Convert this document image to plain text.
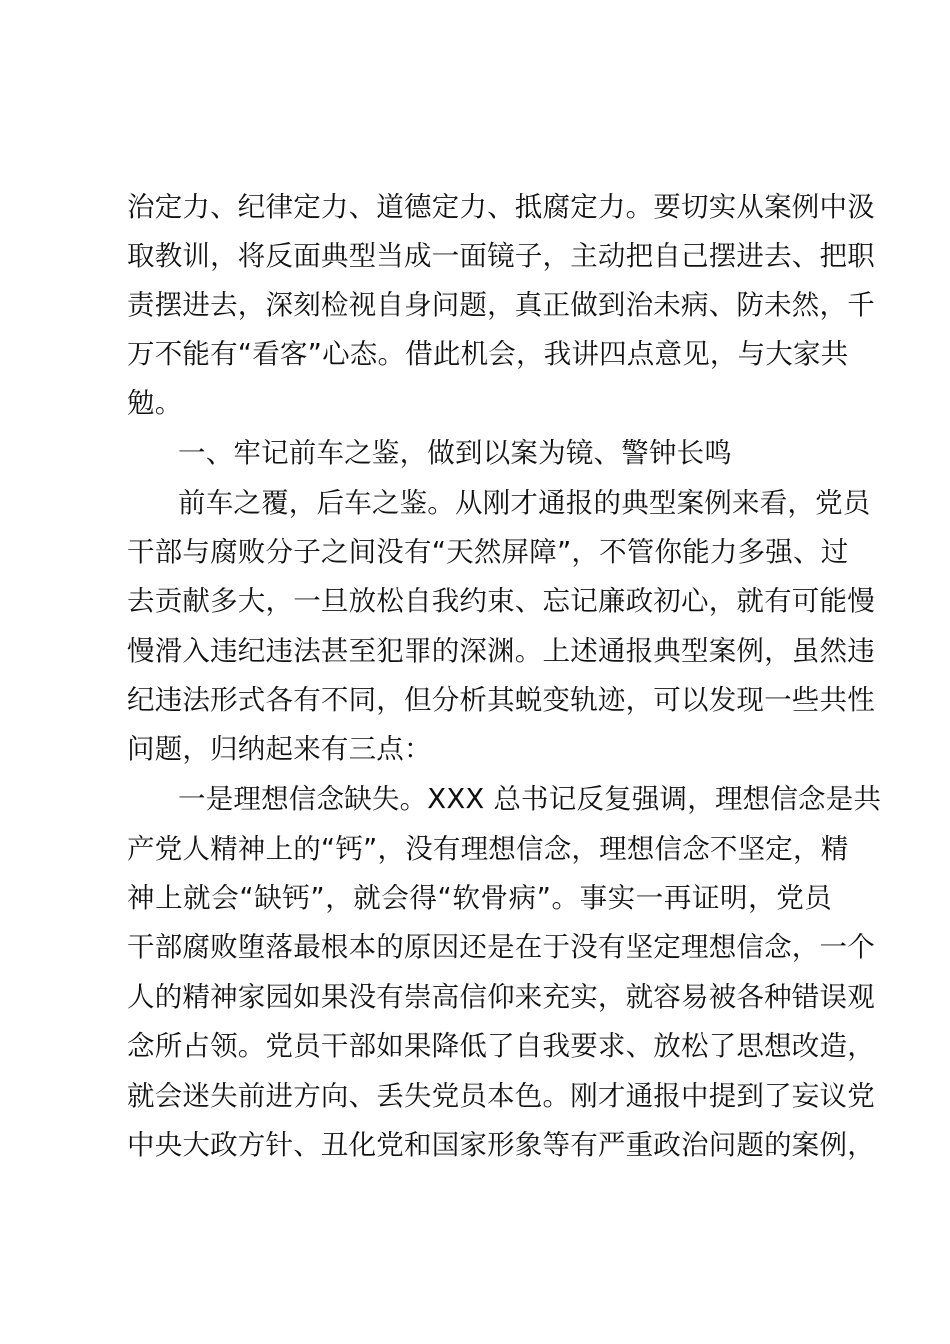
治定力、纪律定力、道德定力、抵腐定力。要切实从案例中汲
取教训，将反面典型当成一面镜子，主动把自己摆进去、把职
责摆进去，深刻检视自身问题，真正做到治未病、防未然，千
万不能有“看客”心态。借此机会，我讲四点意见，与大家共
勉。
一、牢记前车之鉴，做到以案为镜、警钟长鸣
前车之覆，后车之鉴。从刚才通报的典型案例来看，党员
干部与腐败分子之间没有“天然屏障”，不管你能力多强、过
去贡献多大，一旦放松自我约束、忘记廉政初心，就有可能慢
慢滑入违纪违法甚至犯罪的深渊。上述通报典型案例，虽然违
纪违法形式各有不同，但分析其蜕变轨迹，可以发现一些共性
问题，归纳起来有三点：
一是理想信念缺失。XXX 总书记反复强调，理想信念是共
产党人精神上的“钙”，没有理想信念，理想信念不坚定，精
神上就会“缺钙”，就会得“软骨病”。事实一再证明，党员
干部腐败堕落最根本的原因还是在于没有坚定理想信念，一个
人的精神家园如果没有崇高信仰来充实，就容易被各种错误观
念所占领。党员干部如果降低了自我要求、放松了思想改造，
就会迷失前进方向、丢失党员本色。刚才通报中提到了妄议党
中央大政方针、丑化党和国家形象等有严重政治问题的案例，
